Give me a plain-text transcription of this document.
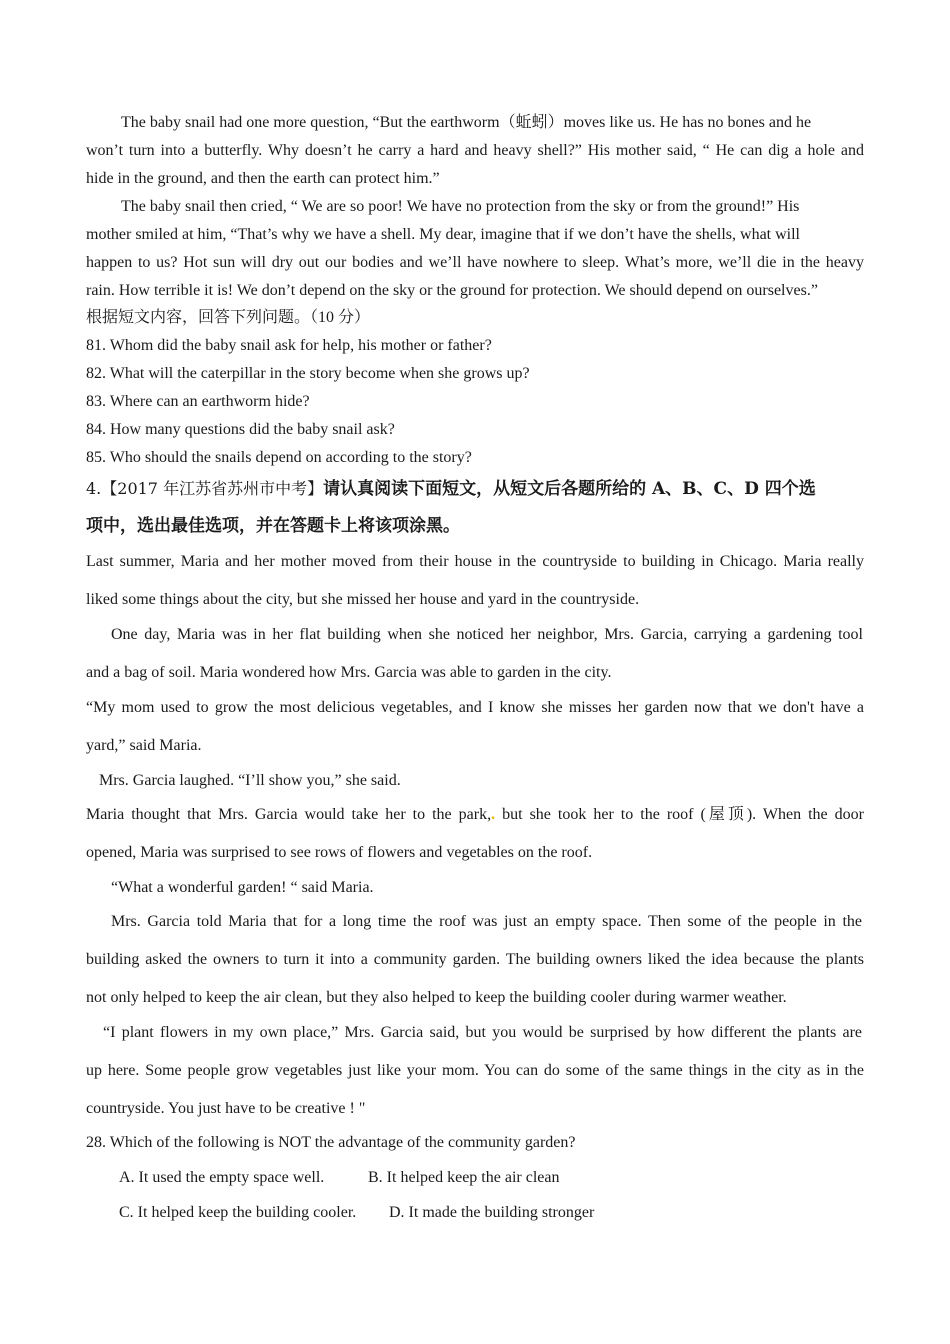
The baby snail had one more question, “But the earthworm（蚯蚓）moves like us. He has no bones and he
won’t turn into a butterfly. Why doesn’t he carry a hard and heavy shell?” His mother said, “ He can dig a hole and
hide in the ground, and then the earth can protect him.”
The baby snail then cried, “ We are so poor! We have no protection from the sky or from the ground!” His
mother smiled at him, “That’s why we have a shell. My dear, imagine that if we don’t have the shells, what will
happen to us? Hot sun will dry out our bodies and we’ll have nowhere to sleep. What’s more, we’ll die in the heavy
rain. How terrible it is! We don’t depend on the sky or the ground for protection. We should depend on ourselves.”
根据短文内容，回答下列问题。（10 分）
81. Whom did the baby snail ask for help, his mother or father?
82. What will the caterpillar in the story become when she grows up?
83. Where can an earthworm hide?
84. How many questions did the baby snail ask?
85. Who should the snails depend on according to the story?
4.【2017 年江苏省苏州市中考】请认真阅读下面短文，从短文后各题所给的 A、B、C、D 四个选
项中，选出最佳选项，并在答题卡上将该项涂黑。
Last summer, Maria and her mother moved from their house in the countryside to building in Chicago. Maria really
liked some things about the city, but she missed her house and yard in the countryside.
One day, Maria was in her flat building when she noticed her neighbor, Mrs. Garcia, carrying a gardening tool
and a bag of soil. Maria wondered how Mrs. Garcia was able to garden in the city.
“My mom used to grow the most delicious vegetables, and I know she misses her garden now that we don't have a
yard,” said Maria.
Mrs. Garcia laughed. “I’ll show you,” she said.
Maria thought that Mrs. Garcia would take her to the park,. but she took her to the roof (屋顶). When the door
opened, Maria was surprised to see rows of flowers and vegetables on the roof.
“What a wonderful garden! “ said Maria.
Mrs. Garcia told Maria that for a long time the roof was just an empty space. Then some of the people in the
building asked the owners to turn it into a community garden. The building owners liked the idea because the plants
not only helped to keep the air clean, but they also helped to keep the building cooler during warmer weather.
“I plant flowers in my own place,” Mrs. Garcia said, but you would be surprised by how different the plants are
up here. Some people grow vegetables just like your mom. You can do some of the same things in the city as in the
countryside. You just have to be creative ! "
28. Which of the following is NOT the advantage of the community garden?
A. It used the empty space well.	B. It helped keep the air clean
C. It helped keep the building cooler. D. It made the building stronger
